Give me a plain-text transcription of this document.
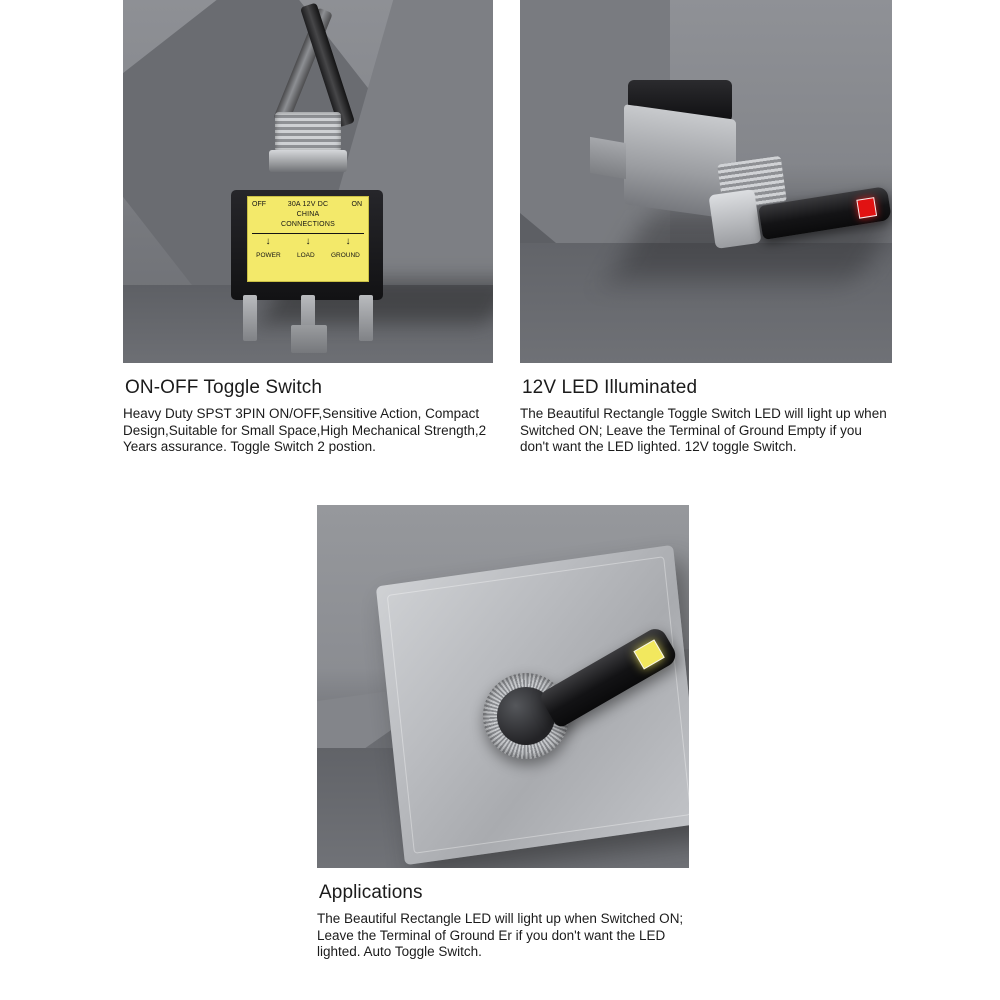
OFF	ON
30A 12V DC
CHINA
CONNECTIONS
↓	↓	↓
POWER	LOAD	GROUND
ON-OFF Toggle Switch
Heavy Duty SPST 3PIN ON/OFF,Sensitive Action, Compact Design,Suitable for Small Space,High Mechanical Strength,2 Years assurance. Toggle Switch 2 postion.
12V LED Illuminated
The Beautiful Rectangle Toggle Switch LED will light up when Switched ON; Leave the Terminal of Ground Empty if you don't want the LED lighted. 12V toggle Switch.
Applications
The Beautiful Rectangle LED will light up when Switched ON; Leave the Terminal of Ground Er if you don't want the LED lighted. Auto Toggle Switch.
